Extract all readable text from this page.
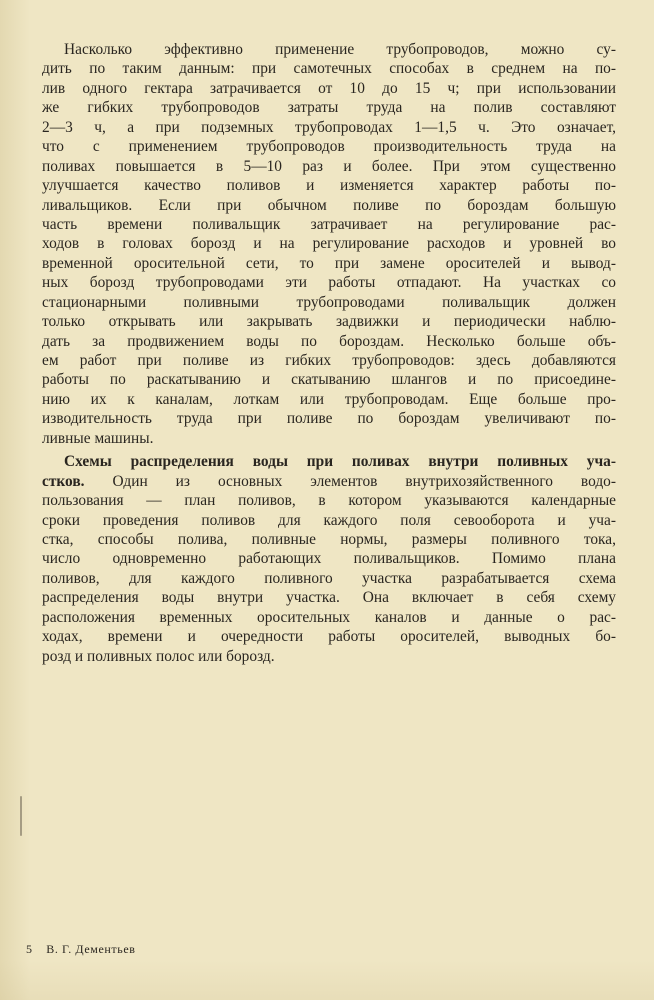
Насколько эффективно применение трубопроводов, можно су-
дить по таким данным: при самотечных способах в среднем на по-
лив одного гектара затрачивается от 10 до 15 ч; при использовании
же гибких трубопроводов затраты труда на полив составляют
2—3 ч, а при подземных трубопроводах 1—1,5 ч. Это означает,
что с применением трубопроводов производительность труда на
поливах повышается в 5—10 раз и более. При этом существенно
улучшается качество поливов и изменяется характер работы по-
ливальщиков. Если при обычном поливе по бороздам большую
часть времени поливальщик затрачивает на регулирование рас-
ходов в головах борозд и на регулирование расходов и уровней во
временной оросительной сети, то при замене оросителей и вывод-
ных борозд трубопроводами эти работы отпадают. На участках со
стационарными поливными трубопроводами поливальщик должен
только открывать или закрывать задвижки и периодически наблю-
дать за продвижением воды по бороздам. Несколько больше объ-
ем работ при поливе из гибких трубопроводов: здесь добавляются
работы по раскатыванию и скатыванию шлангов и по присоедине-
нию их к каналам, лоткам или трубопроводам. Еще больше про-
изводительность труда при поливе по бороздам увеличивают по-
ливные машины.
Схемы распределения воды при поливах внутри поливных уча-
стков. Один из основных элементов внутрихозяйственного водо-
пользования — план поливов, в котором указываются календарные
сроки проведения поливов для каждого поля севооборота и уча-
стка, способы полива, поливные нормы, размеры поливного тока,
число одновременно работающих поливальщиков. Помимо плана
поливов, для каждого поливного участка разрабатывается схема
распределения воды внутри участка. Она включает в себя схему
расположения временных оросительных каналов и данные о рас-
ходах, времени и очередности работы оросителей, выводных бо-
розд и поливных полос или борозд.
5 В. Г. Дементьев
